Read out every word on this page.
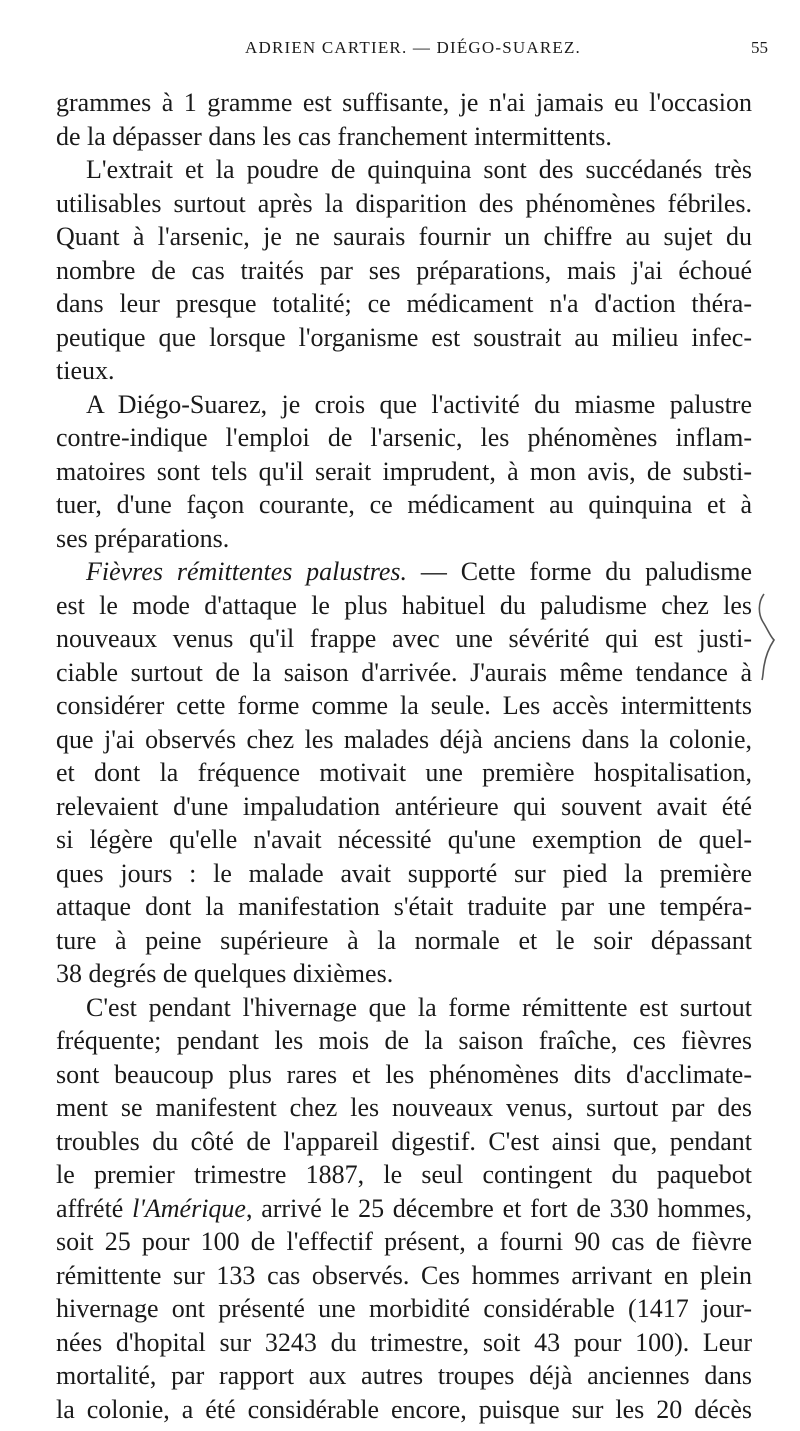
ADRIEN CARTIER. — DIÉGO-SUAREZ.	55
grammes à 1 gramme est suffisante, je n'ai jamais eu l'occasion
de la dépasser dans les cas franchement intermittents.
L'extrait et la poudre de quinquina sont des succédanés très
utilisables surtout après la disparition des phénomènes fébriles.
Quant à l'arsenic, je ne saurais fournir un chiffre au sujet du
nombre de cas traités par ses préparations, mais j'ai échoué
dans leur presque totalité; ce médicament n'a d'action théra-
peutique que lorsque l'organisme est soustrait au milieu infec-
tieux.
A Diégo-Suarez, je crois que l'activité du miasme palustre
contre-indique l'emploi de l'arsenic, les phénomènes inflam-
matoires sont tels qu'il serait imprudent, à mon avis, de substi-
tuer, d'une façon courante, ce médicament au quinquina et à
ses préparations.
Fièvres rémittentes palustres. — Cette forme du paludisme
est le mode d'attaque le plus habituel du paludisme chez les
nouveaux venus qu'il frappe avec une sévérité qui est justi-
ciable surtout de la saison d'arrivée. J'aurais même tendance à
considérer cette forme comme la seule. Les accès intermittents
que j'ai observés chez les malades déjà anciens dans la colonie,
et dont la fréquence motivait une première hospitalisation,
relevaient d'une impaludation antérieure qui souvent avait été
si légère qu'elle n'avait nécessité qu'une exemption de quel-
ques jours : le malade avait supporté sur pied la première
attaque dont la manifestation s'était traduite par une tempéra-
ture à peine supérieure à la normale et le soir dépassant
38 degrés de quelques dixièmes.
C'est pendant l'hivernage que la forme rémittente est surtout
fréquente; pendant les mois de la saison fraîche, ces fièvres
sont beaucoup plus rares et les phénomènes dits d'acclimate-
ment se manifestent chez les nouveaux venus, surtout par des
troubles du côté de l'appareil digestif. C'est ainsi que, pendant
le premier trimestre 1887, le seul contingent du paquebot
affrété l'Amérique, arrivé le 25 décembre et fort de 330 hommes,
soit 25 pour 100 de l'effectif présent, a fourni 90 cas de fièvre
rémittente sur 133 cas observés. Ces hommes arrivant en plein
hivernage ont présenté une morbidité considérable (1417 jour-
nées d'hopital sur 3243 du trimestre, soit 43 pour 100). Leur
mortalité, par rapport aux autres troupes déjà anciennes dans
la colonie, a été considérable encore, puisque sur les 20 décès
